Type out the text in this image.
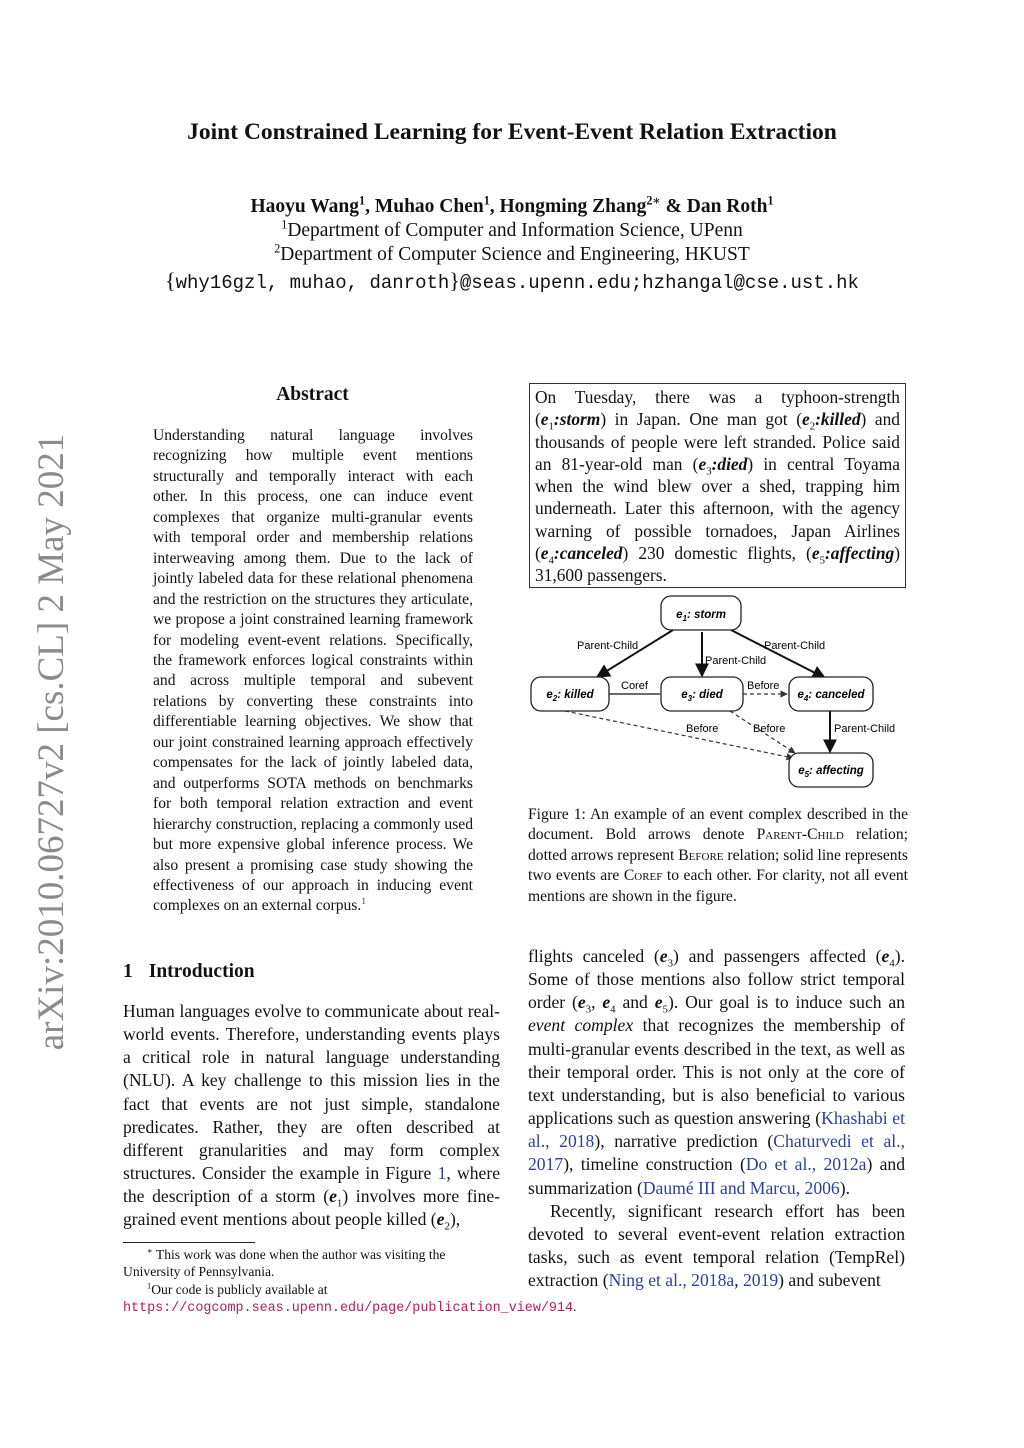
arXiv:2010.06727v2 [cs.CL] 2 May 2021
Joint Constrained Learning for Event-Event Relation Extraction
Haoyu Wang$^1$, Muhao Chen$^1$, Hongming Zhang$^{2∗}$ & Dan Roth$^1$
$^1$Department of Computer and Information Science, UPenn
$^2$Department of Computer Science and Engineering, HKUST
{why16gzl, muhao, danroth}@seas.upenn.edu;hzhangal@cse.ust.hk
Abstract
Understanding natural language involves recognizing how multiple event mentions structurally and temporally interact with each other. In this process, one can induce event complexes that organize multi-granular events with temporal order and membership relations interweaving among them. Due to the lack of jointly labeled data for these relational phenomena and the restriction on the structures they articulate, we propose a joint constrained learning framework for modeling event-event relations. Specifically, the framework enforces logical constraints within and across multiple temporal and subevent relations by converting these constraints into differentiable learning objectives. We show that our joint constrained learning approach effectively compensates for the lack of jointly labeled data, and outperforms SOTA methods on benchmarks for both temporal relation extraction and event hierarchy construction, replacing a commonly used but more expensive global inference process. We also present a promising case study showing the effectiveness of our approach in inducing event complexes on an external corpus.$^1$
1 Introduction

Human languages evolve to communicate about real-world events. Therefore, understanding events plays a critical role in natural language understanding (NLU). A key challenge to this mission lies in the fact that events are not just simple, standalone predicates. Rather, they are often described at different granularities and may form complex structures. Consider the example in Figure 1, where the description of a storm $(e_1)$ involves more fine-grained event mentions about people killed $(e_2)$,

∗ This work was done when the author was visiting the University of Pennsylvania.
$^1$Our code is publicly available at https://cogcomp.seas.upenn.edu/page/publication_view/914.
On Tuesday, there was a typhoon-strength $(e_1:storm)$ in Japan. One man got $(e_2:killed)$ and thousands of people were left stranded. Police said an 81-year-old man $(e_3:died)$ in central Toyama when the wind blew over a shed, trapping him underneath. Later this afternoon, with the agency warning of possible tornadoes, Japan Airlines $(e_4:canceled)$ 230 domestic flights, $(e_5:affecting)$ 31,600 passengers.
$e_1$: storm
$e_2$: killed	$e_3$: died	$e_4$: canceled
$e_5$: affecting
Parent-Child
Parent-Child
Parent-Child
Parent-Child
Coref	Before
Before	Before
Figure 1: An example of an event complex described in the document. Bold arrows denote Parent-Child relation; dotted arrows represent Before relation; solid line represents two events are Coref to each other. For clarity, not all event mentions are shown in the figure.

flights canceled $(e_3)$ and passengers affected $(e_4)$. Some of those mentions also follow strict temporal order ($e_3$, $e_4$ and $e_5$). Our goal is to induce such an event complex that recognizes the membership of multi-granular events described in the text, as well as their temporal order. This is not only at the core of text understanding, but is also beneficial to various applications such as question answering (Khashabi et al., 2018), narrative prediction (Chaturvedi et al., 2017), timeline construction (Do et al., 2012a) and summarization (Daumé III and Marcu, 2006).

Recently, significant research effort has been devoted to several event-event relation extraction tasks, such as event temporal relation (TempRel) extraction (Ning et al., 2018a, 2019) and subevent
